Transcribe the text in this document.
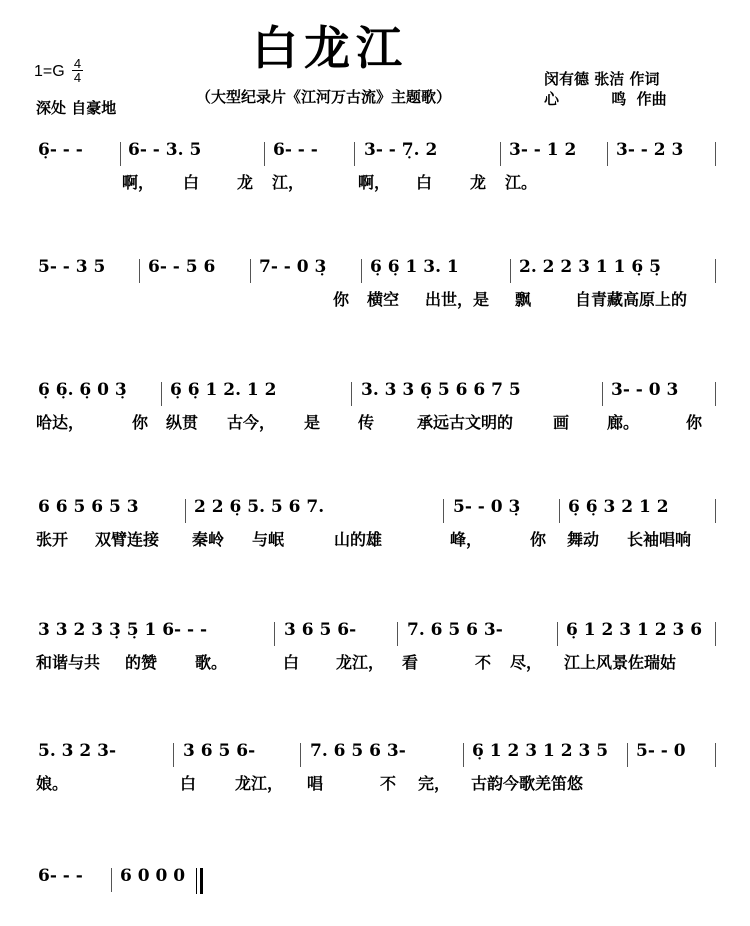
白龙江
1=G 4
4
深处 自豪地
（大型纪录片《江河万古流》主题歌）
闵有德 张洁 作词
心          鸣  作曲
6̣- - -	6- - 3. 5	6- - -	3- - 7̣. 2	3- - 1 2 3- - 2 3
啊， 白 龙 江，	啊， 白 龙 江。
5- - 3 5	6- - 5 6	7- - 0 3̣	6̣ 6̣ 1 3. 1	2. 2 2 3 1 1 6̣ 5̣
你 横空 出世，是 飘	自青藏高原上的
6̣ 6̣. 6̣ 0 3̣	6̣ 6̣ 1 2. 1 2	3. 3 3 6̣ 5 6 6 7 5	3- - 0 3
哈达，	你 纵贯 古今， 是 传	承远古文明的 画 廊。	你
6 6 5 6 5 3	2 2 6̣ 5. 5 6 7.	5- - 0 3̣	6̣ 6̣ 3 2 1 2
张开 双臂连接 秦岭 与岷	山的雄	峰，	你 舞动 长袖唱响
3 3 2 3 3̣ 5̣ 1 6- - -	3 6 5 6-	7. 6 5 6 3-	6̣ 1 2 3 1 2 3 6
和谐与共 的赞 歌。	白 龙江， 看	不 尽， 江上风景佐瑞姑
5. 3 2 3-	3 6 5 6-	7. 6 5 6 3-	6̣ 1 2 3 1 2 3 5 5- - 0
娘。	白 龙江， 唱	不 完， 古韵今歌羌笛悠
6- - - 6 0 0 0
